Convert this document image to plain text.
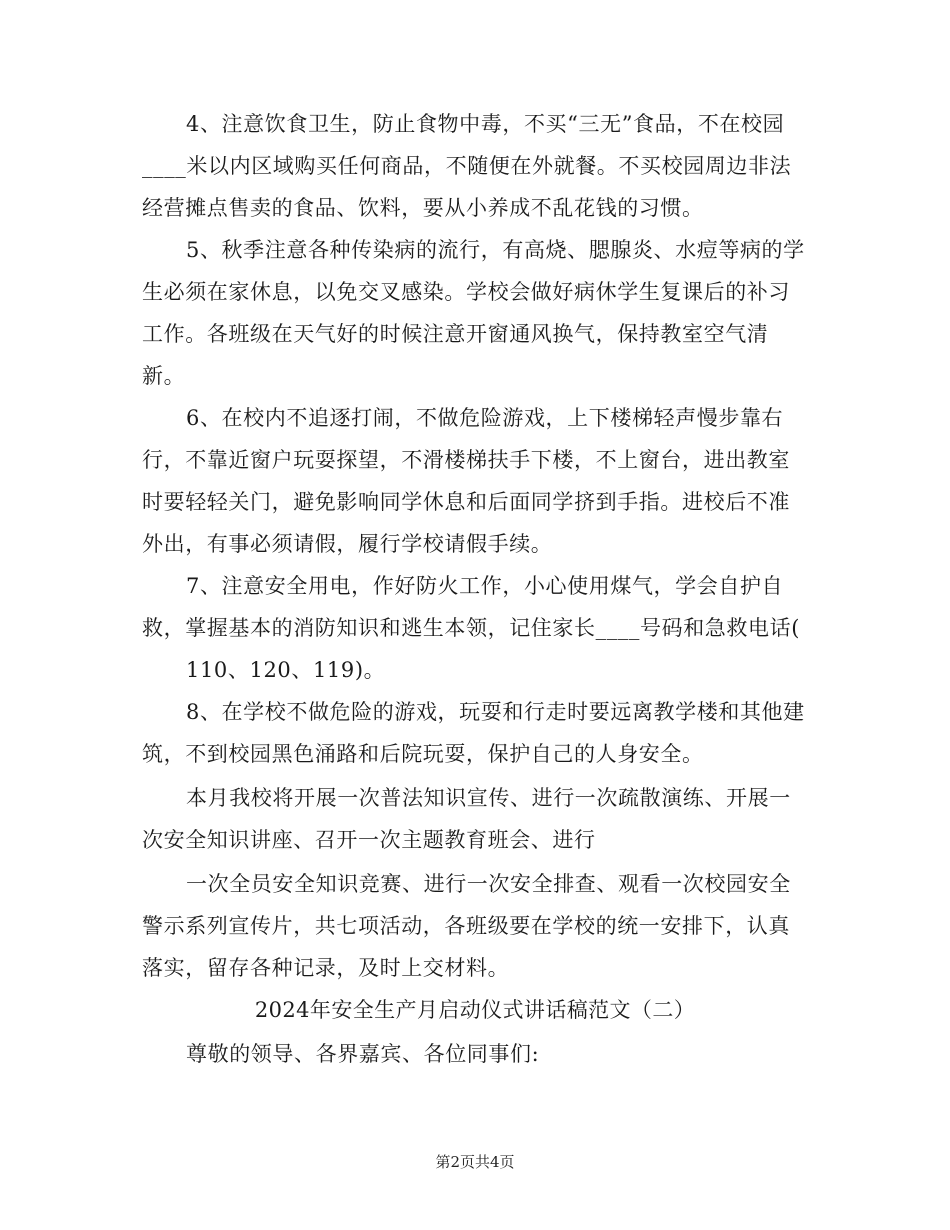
4、注意饮食卫生，防止食物中毒，不买“三无”食品，不在校园
____米以内区域购买任何商品，不随便在外就餐。不买校园周边非法
经营摊点售卖的食品、饮料，要从小养成不乱花钱的习惯。
5、秋季注意各种传染病的流行，有高烧、腮腺炎、水痘等病的学
生必须在家休息，以免交叉感染。学校会做好病休学生复课后的补习
工作。各班级在天气好的时候注意开窗通风换气，保持教室空气清
新。
6、在校内不追逐打闹，不做危险游戏，上下楼梯轻声慢步靠右
行，不靠近窗户玩耍探望，不滑楼梯扶手下楼，不上窗台，进出教室
时要轻轻关门，避免影响同学休息和后面同学挤到手指。进校后不准
外出，有事必须请假，履行学校请假手续。
7、注意安全用电，作好防火工作，小心使用煤气，学会自护自
救，掌握基本的消防知识和逃生本领，记住家长____号码和急救电话(
110、120、119)。
8、在学校不做危险的游戏，玩耍和行走时要远离教学楼和其他建
筑，不到校园黑色涌路和后院玩耍，保护自己的人身安全。
本月我校将开展一次普法知识宣传、进行一次疏散演练、开展一
次安全知识讲座、召开一次主题教育班会、进行
一次全员安全知识竞赛、进行一次安全排查、观看一次校园安全
警示系列宣传片，共七项活动，各班级要在学校的统一安排下，认真
落实，留存各种记录，及时上交材料。
2024年安全生产月启动仪式讲话稿范文（二）
尊敬的领导、各界嘉宾、各位同事们:
第2页共4页
